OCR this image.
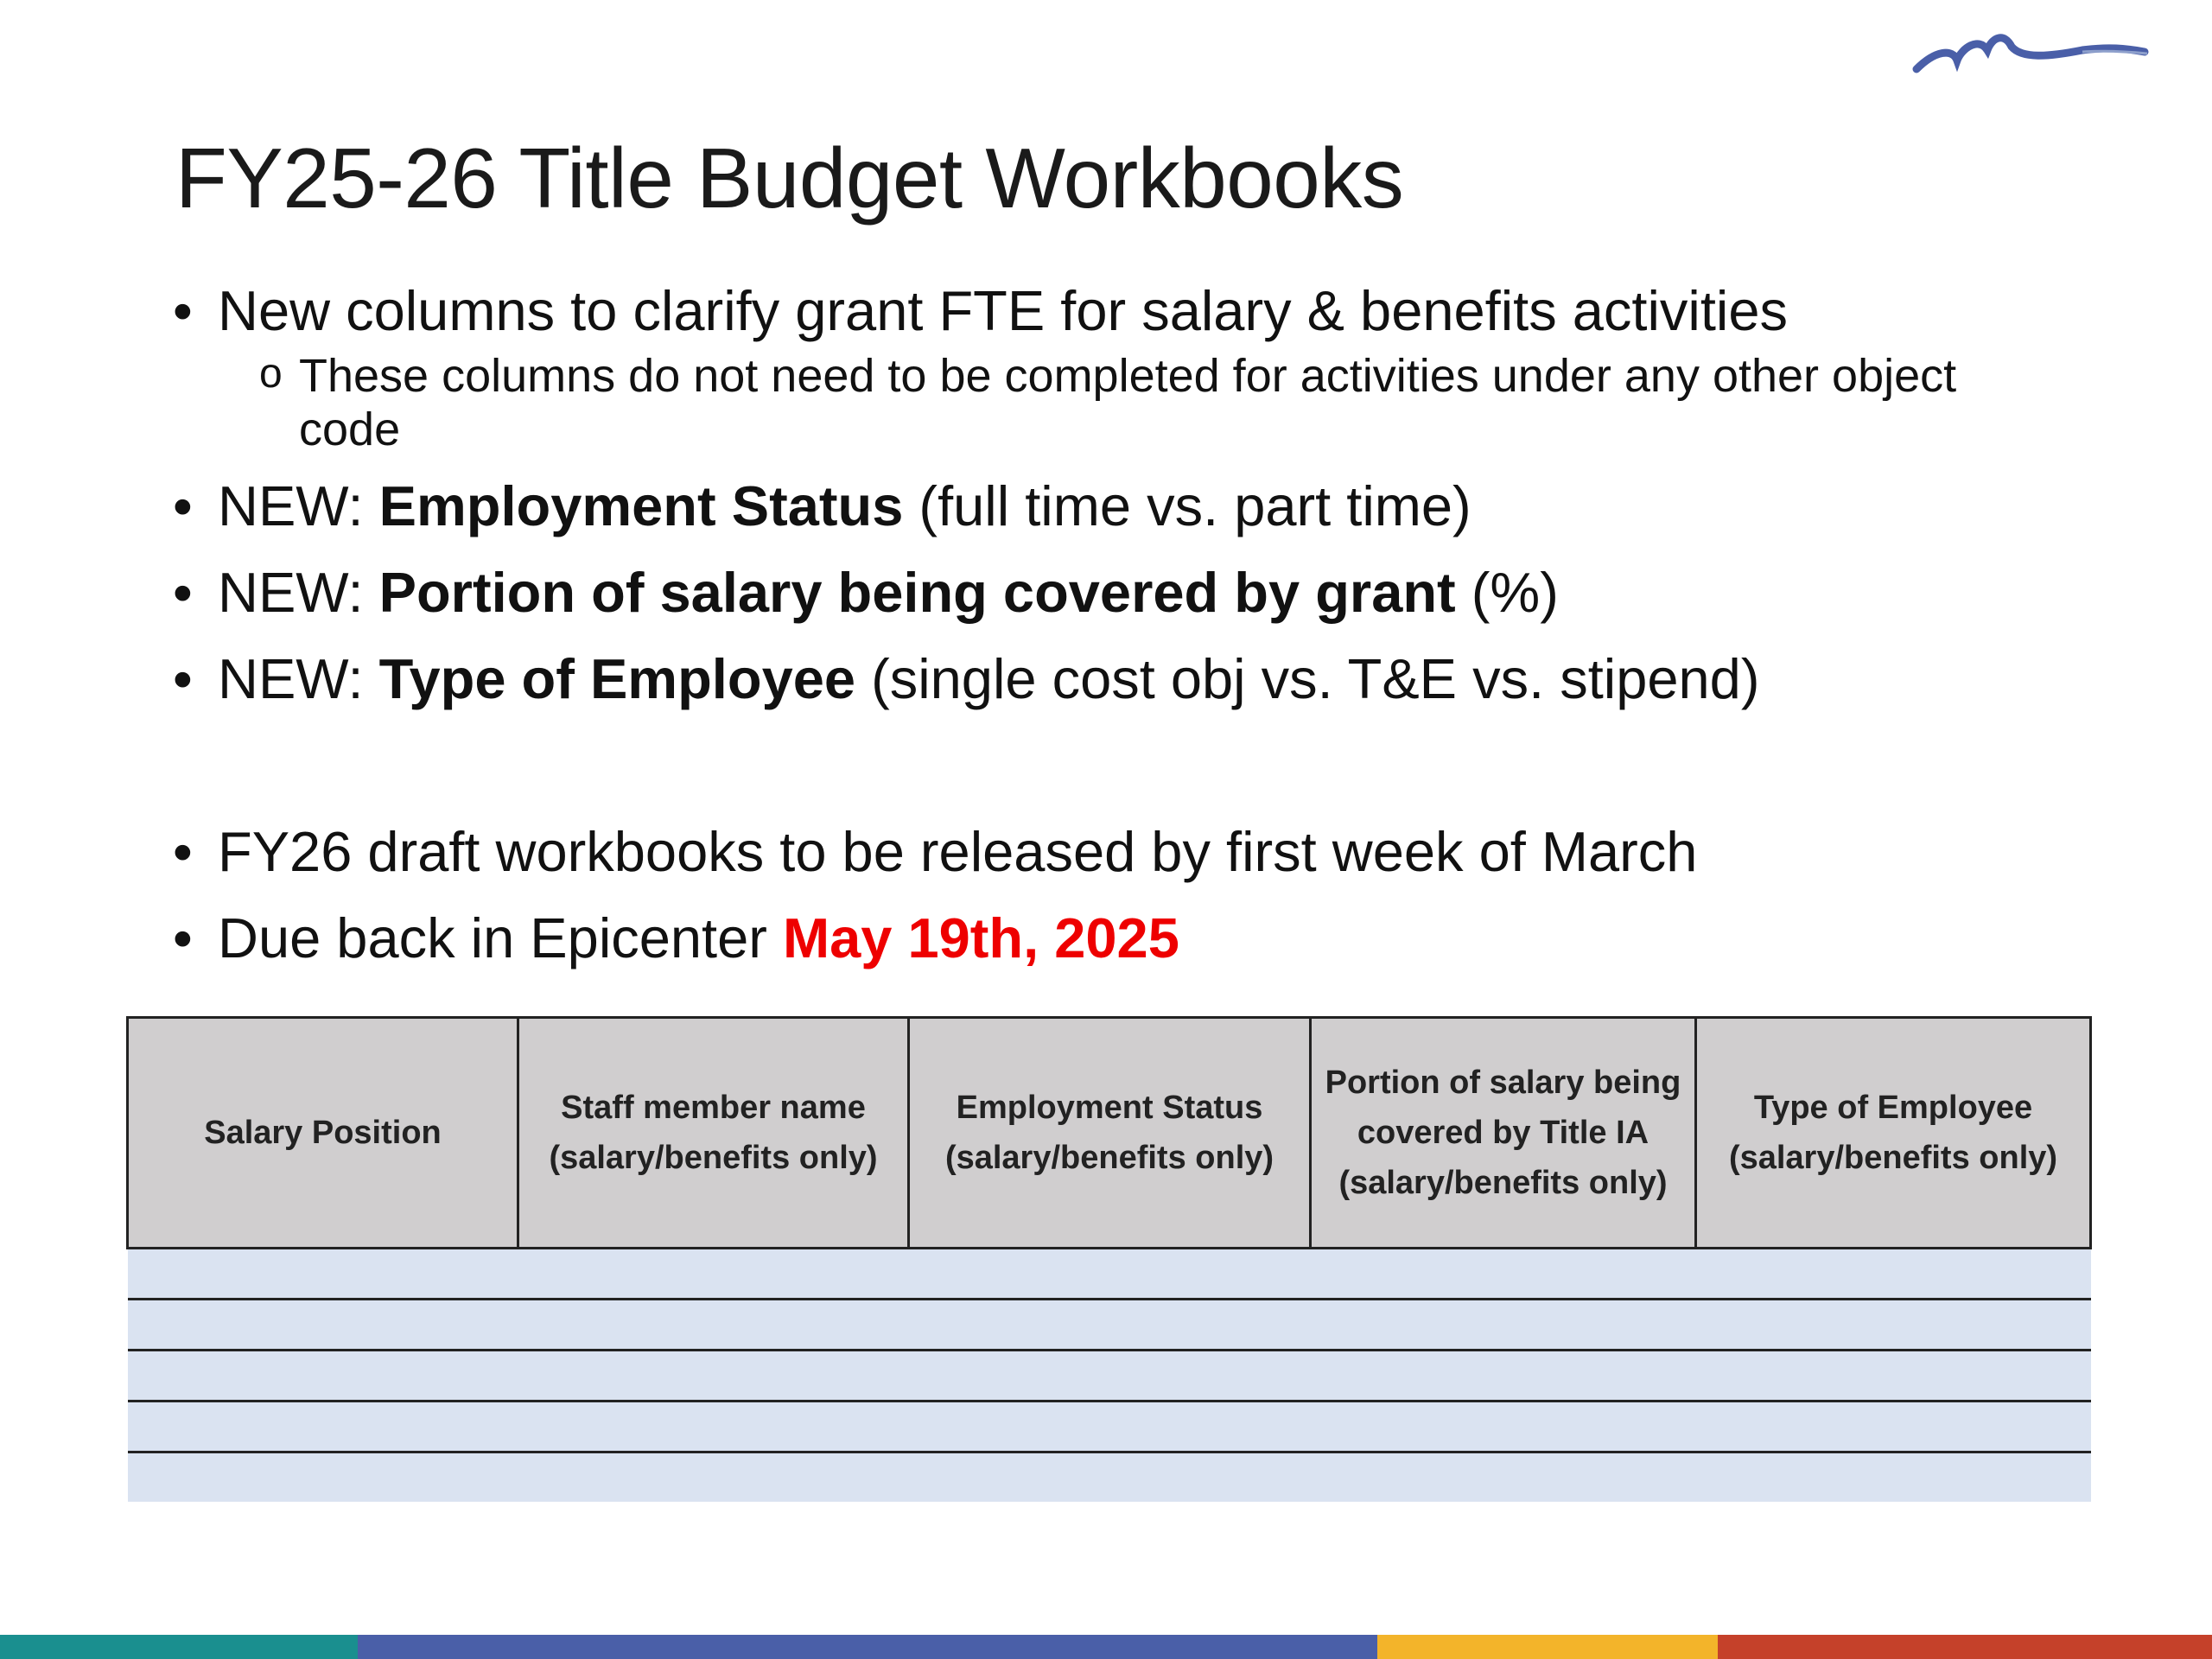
FY25-26 Title Budget Workbooks
• New columns to clarify grant FTE for salary & benefits activities
o These columns do not need to be completed for activities under any other object code
• NEW: Employment Status (full time vs. part time)
• NEW: Portion of salary being covered by grant (%)
• NEW: Type of Employee (single cost obj vs. T&E vs. stipend)
• FY26 draft workbooks to be released by first week of March
• Due back in Epicenter May 19th, 2025
Salary Position	Staff member name (salary/benefits only)	Employment Status (salary/benefits only)	Portion of salary being covered by Title IA (salary/benefits only)	Type of Employee (salary/benefits only)
